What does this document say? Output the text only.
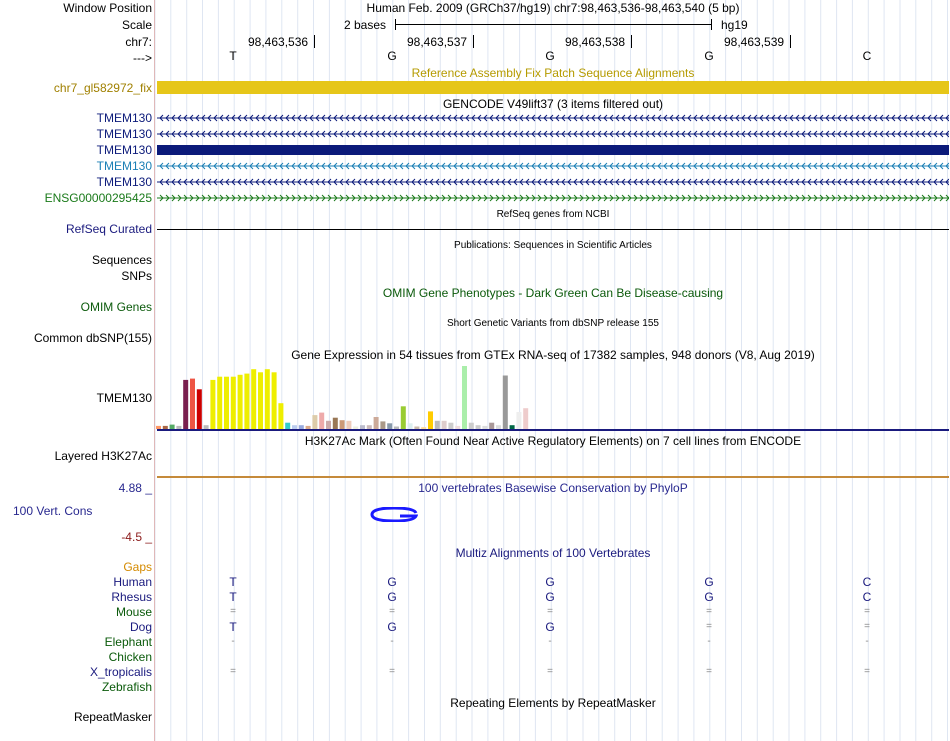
Window Position	Human Feb. 2009 (GRCh37/hg19) chr7:98,463,536-98,463,540 (5 bp)
Scale	2 bases	hg19
chr7:	98,463,536	98,463,537	98,463,538	98,463,539
--->	T	G	G	G	C
Reference Assembly Fix Patch Sequence Alignments
chr7_gl582972_fix
GENCODE V49lift37 (3 items filtered out)
TMEM130
TMEM130
TMEM130
TMEM130
TMEM130
ENSG00000295425
RefSeq genes from NCBI
RefSeq Curated
Publications: Sequences in Scientific Articles
Sequences
SNPs
OMIM Gene Phenotypes - Dark Green Can Be Disease-causing
OMIM Genes
Short Genetic Variants from dbSNP release 155
Common dbSNP(155)
Gene Expression in 54 tissues from GTEx RNA-seq of 17382 samples, 948 donors (V8, Aug 2019)
TMEM130
H3K27Ac Mark (Often Found Near Active Regulatory Elements) on 7 cell lines from ENCODE
Layered H3K27Ac
4.88 _	100 vertebrates Basewise Conservation by PhyloP
100 Vert. Cons
-4.5 _
Multiz Alignments of 100 Vertebrates
Gaps
Human	T	G	G	G	C
Rhesus	T	G	G	G	C
Mouse	=	=	=	=	=
Dog	T	G	G	=	=
Elephant	-	-	-	-	-
Chicken
X_tropicalis	=	=	=	=	=
Zebrafish
Repeating Elements by RepeatMasker
RepeatMasker
